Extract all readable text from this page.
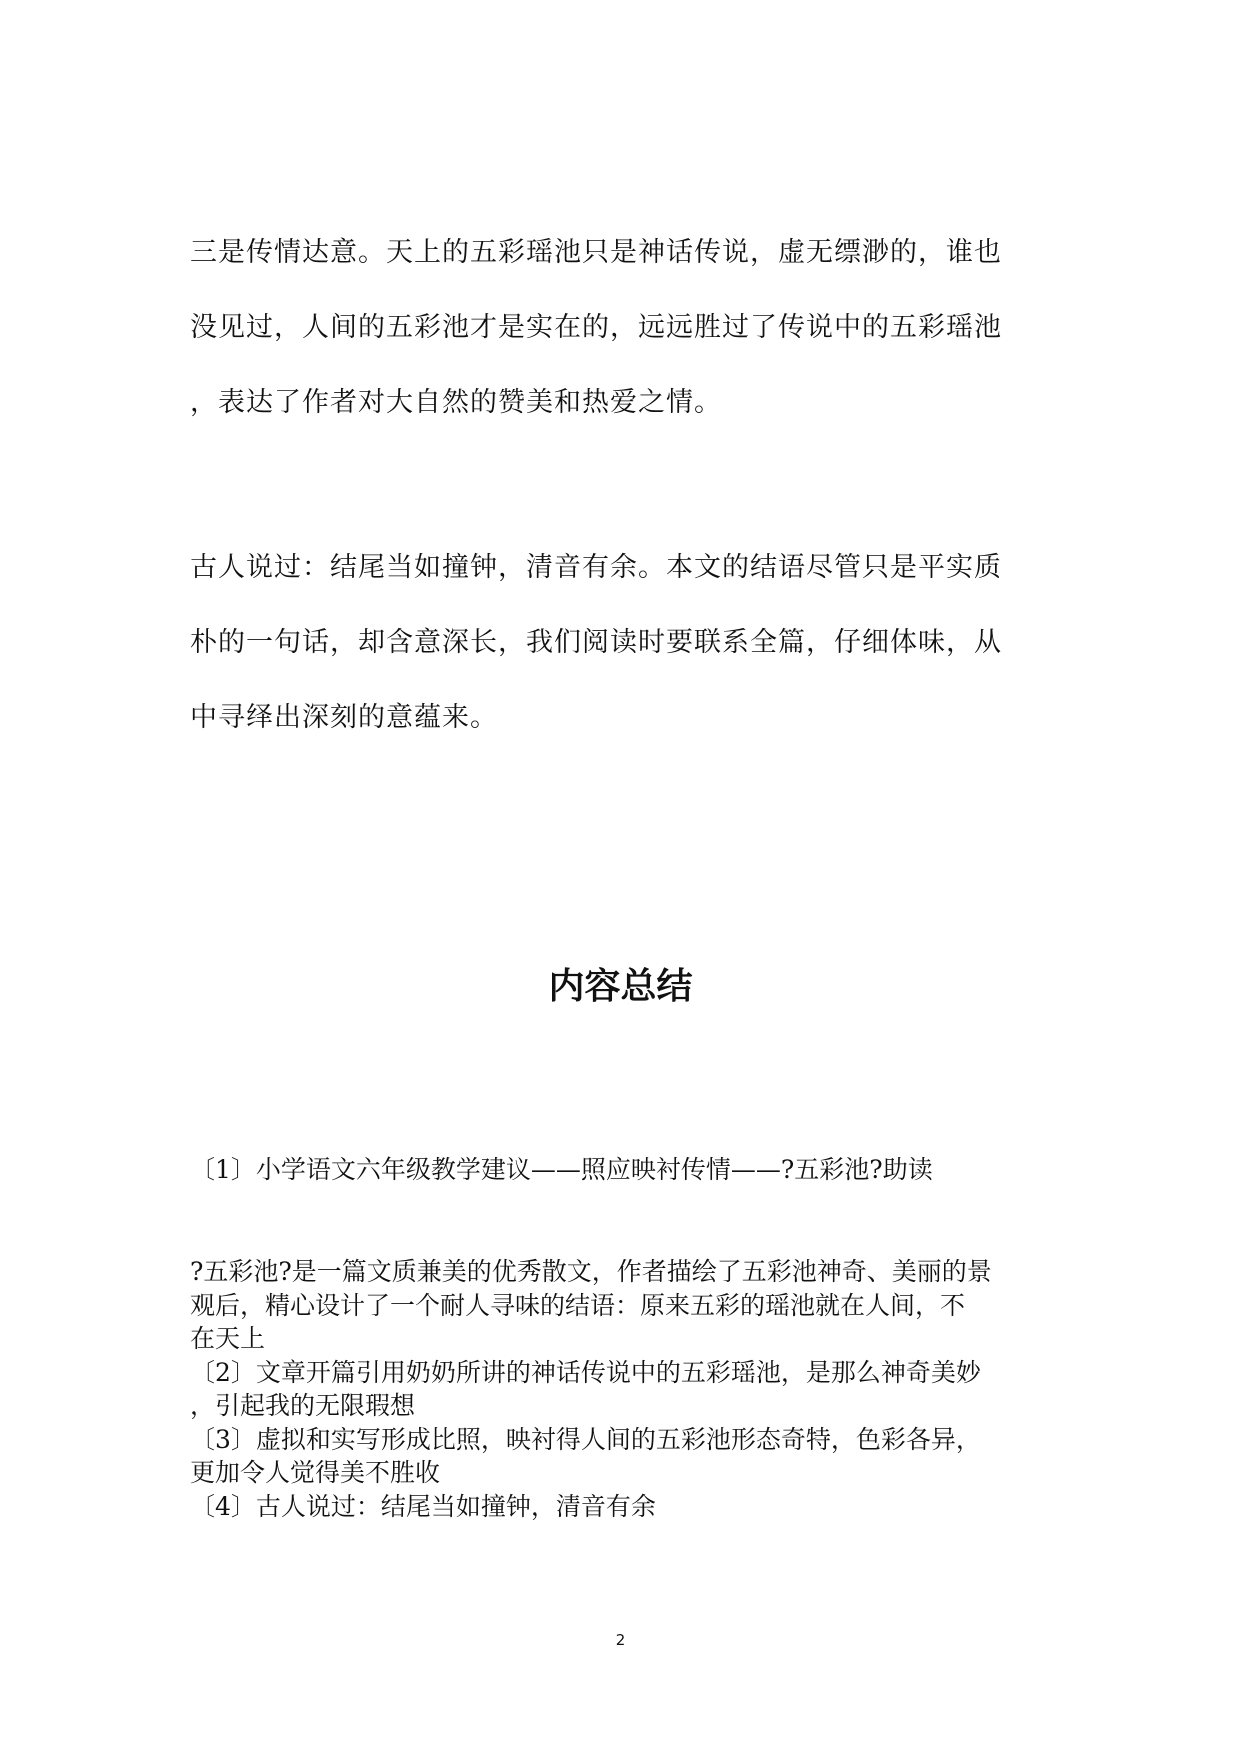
三是传情达意。天上的五彩瑶池只是神话传说，虚无缥渺的，谁也
没见过，人间的五彩池才是实在的，远远胜过了传说中的五彩瑶池
，表达了作者对大自然的赞美和热爱之情。

古人说过：结尾当如撞钟，清音有余。本文的结语尽管只是平实质
朴的一句话，却含意深长，我们阅读时要联系全篇，仔细体味，从
中寻绎出深刻的意蕴来。

内容总结

〔1〕小学语文六年级教学建议——照应映衬传情——?五彩池?助读

?五彩池?是一篇文质兼美的优秀散文，作者描绘了五彩池神奇、美丽的景
观后，精心设计了一个耐人寻味的结语：原来五彩的瑶池就在人间，不
在天上
〔2〕文章开篇引用奶奶所讲的神话传说中的五彩瑶池，是那么神奇美妙
，引起我的无限瑕想
〔3〕虚拟和实写形成比照，映衬得人间的五彩池形态奇特，色彩各异，
更加令人觉得美不胜收
〔4〕古人说过：结尾当如撞钟，清音有余

2
